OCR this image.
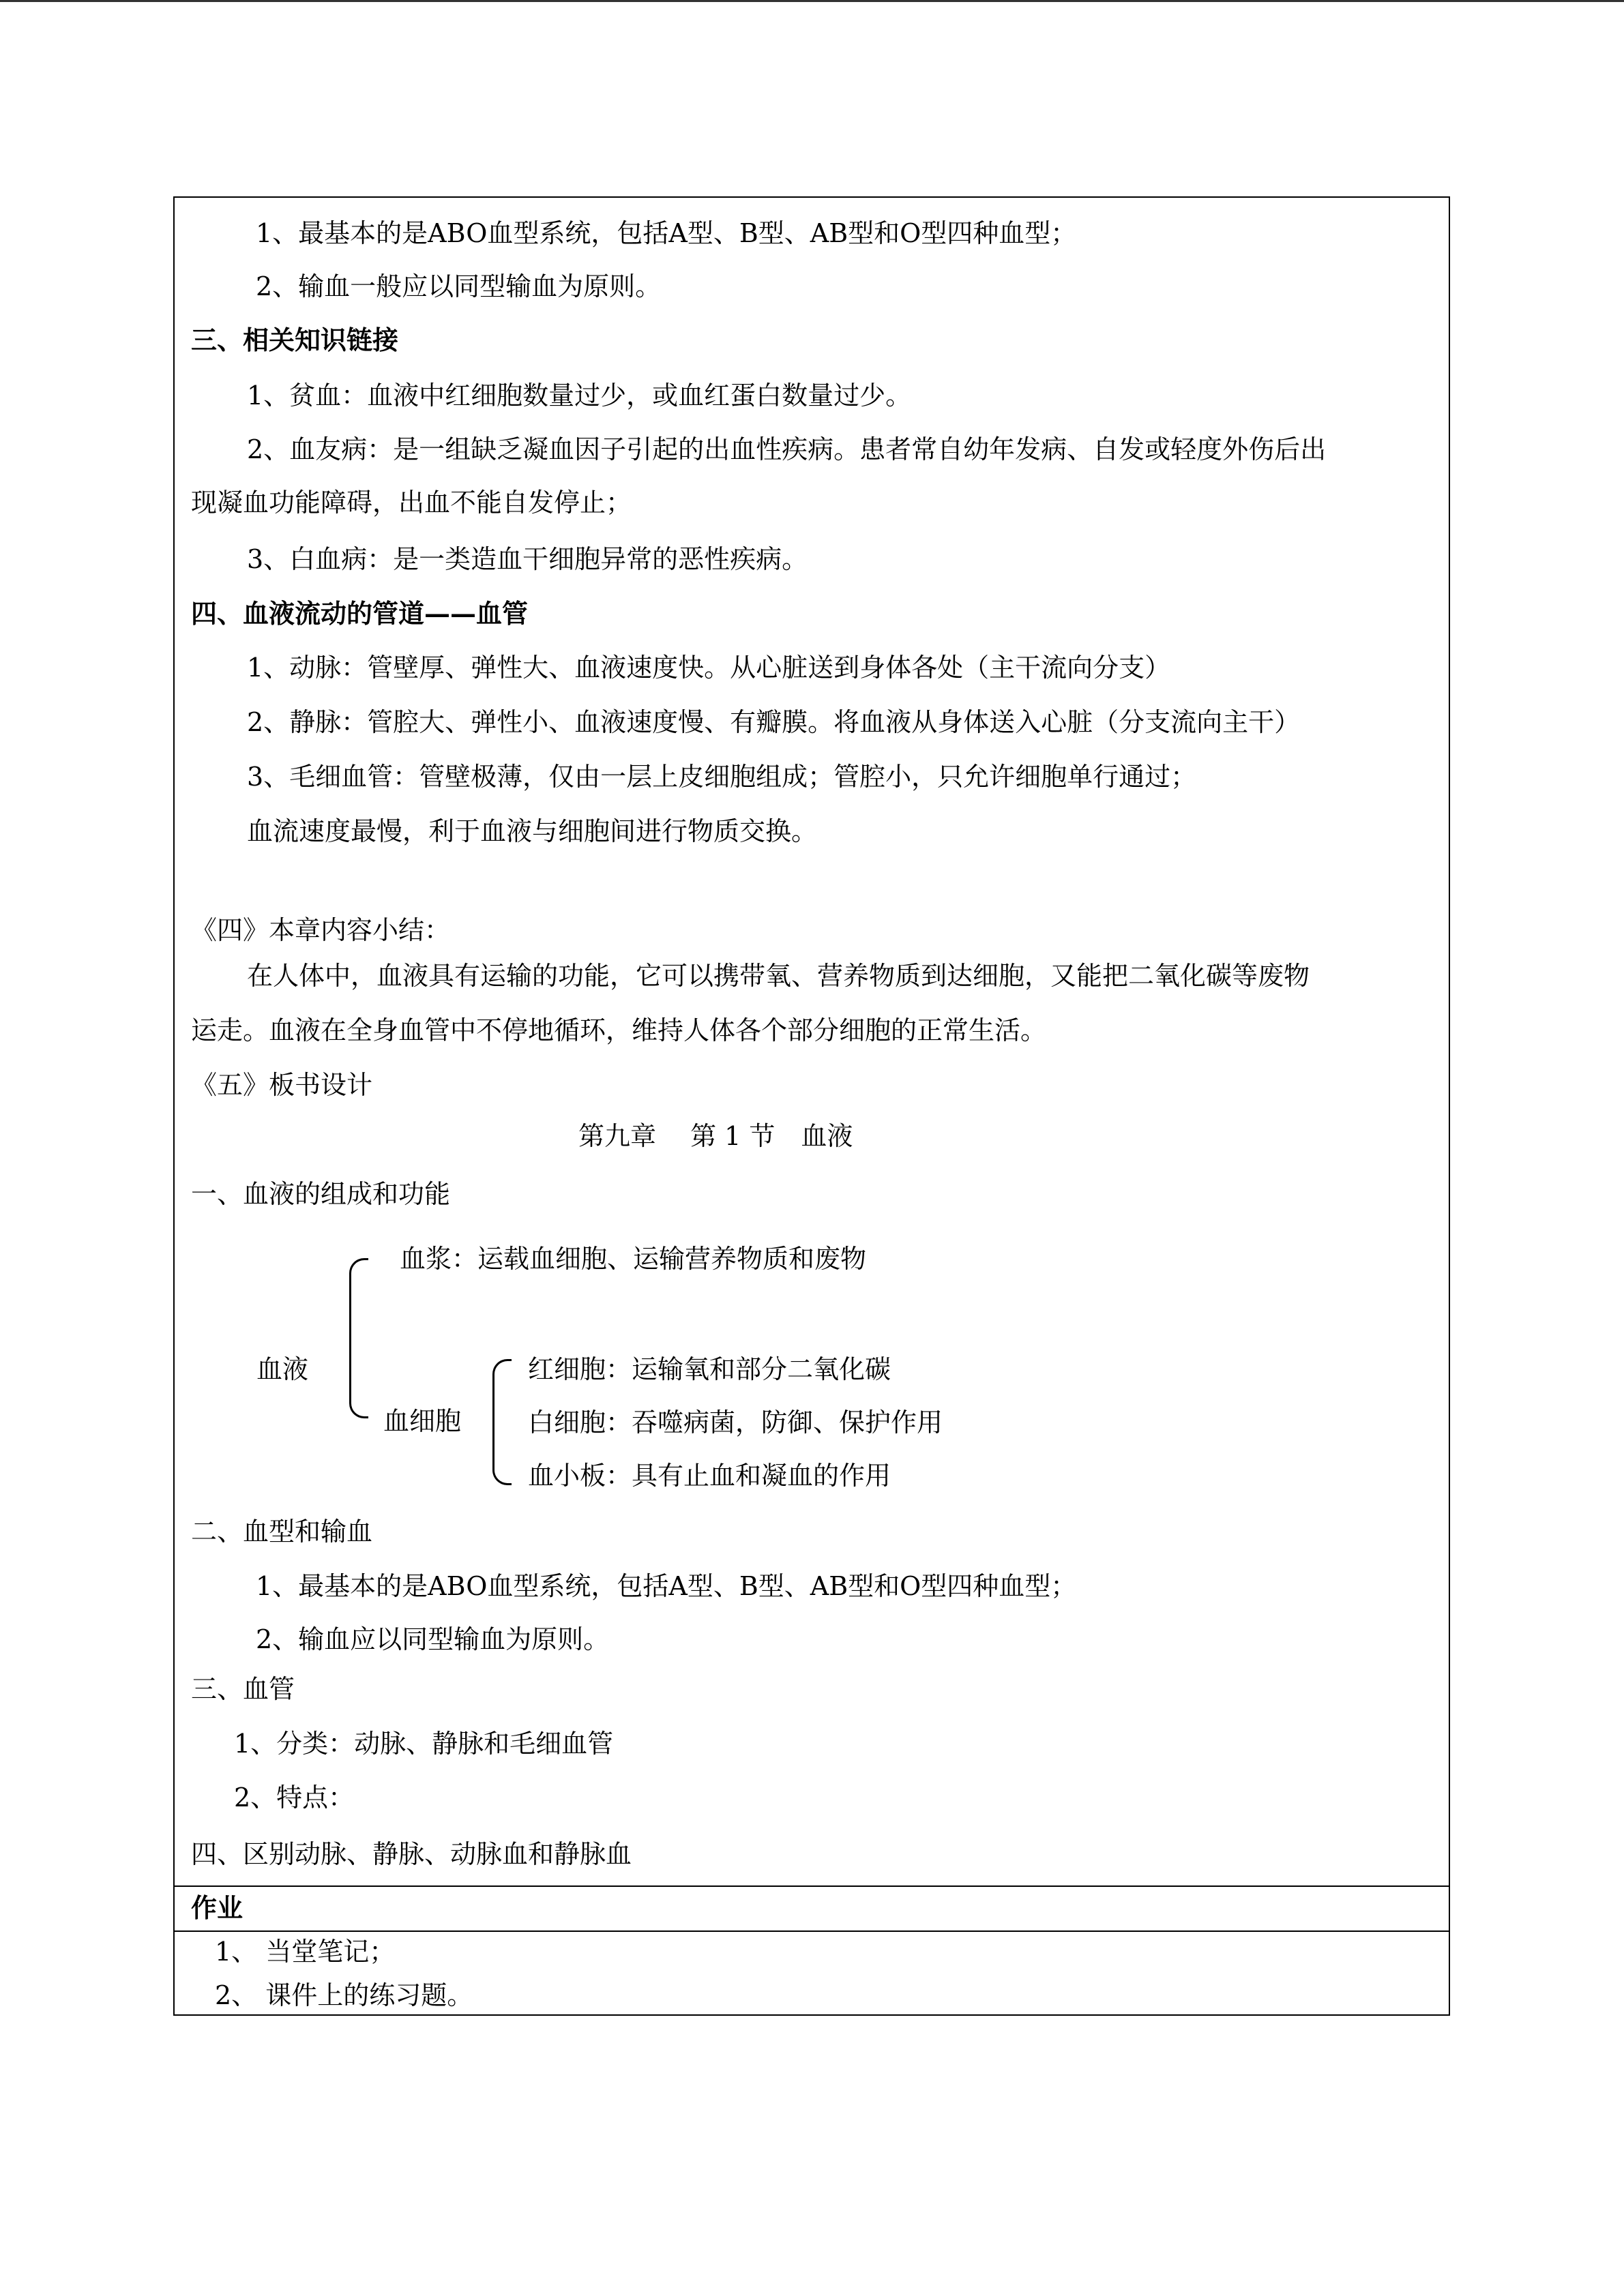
1、最基本的是ABO血型系统，包括A型、B型、AB型和O型四种血型；
2、输血一般应以同型输血为原则。
三、相关知识链接
1、贫血：血液中红细胞数量过少，或血红蛋白数量过少。
2、血友病：是一组缺乏凝血因子引起的出血性疾病。患者常自幼年发病、自发或轻度外伤后出
现凝血功能障碍，出血不能自发停止；
3、白血病：是一类造血干细胞异常的恶性疾病。
四、血液流动的管道——血管
1、动脉：管壁厚、弹性大、血液速度快。从心脏送到身体各处（主干流向分支）
2、静脉：管腔大、弹性小、血液速度慢、有瓣膜。将血液从身体送入心脏（分支流向主干）
3、毛细血管：管壁极薄，仅由一层上皮细胞组成；管腔小，只允许细胞单行通过；
血流速度最慢，利于血液与细胞间进行物质交换。
《四》本章内容小结：
在人体中，血液具有运输的功能，它可以携带氧、营养物质到达细胞，又能把二氧化碳等废物
运走。血液在全身血管中不停地循环，维持人体各个部分细胞的正常生活。
《五》板书设计
第九章　 第 1 节　血液
一、血液的组成和功能
血浆：运载血细胞、运输营养物质和废物
血液
血细胞
红细胞：运输氧和部分二氧化碳
白细胞：吞噬病菌，防御、保护作用
血小板：具有止血和凝血的作用
二、血型和输血
1、最基本的是ABO血型系统，包括A型、B型、AB型和O型四种血型；
2、输血应以同型输血为原则。
三、血管
1、分类：动脉、静脉和毛细血管
2、特点：
四、区别动脉、静脉、动脉血和静脉血
作业
1、 当堂笔记；
2、 课件上的练习题。
